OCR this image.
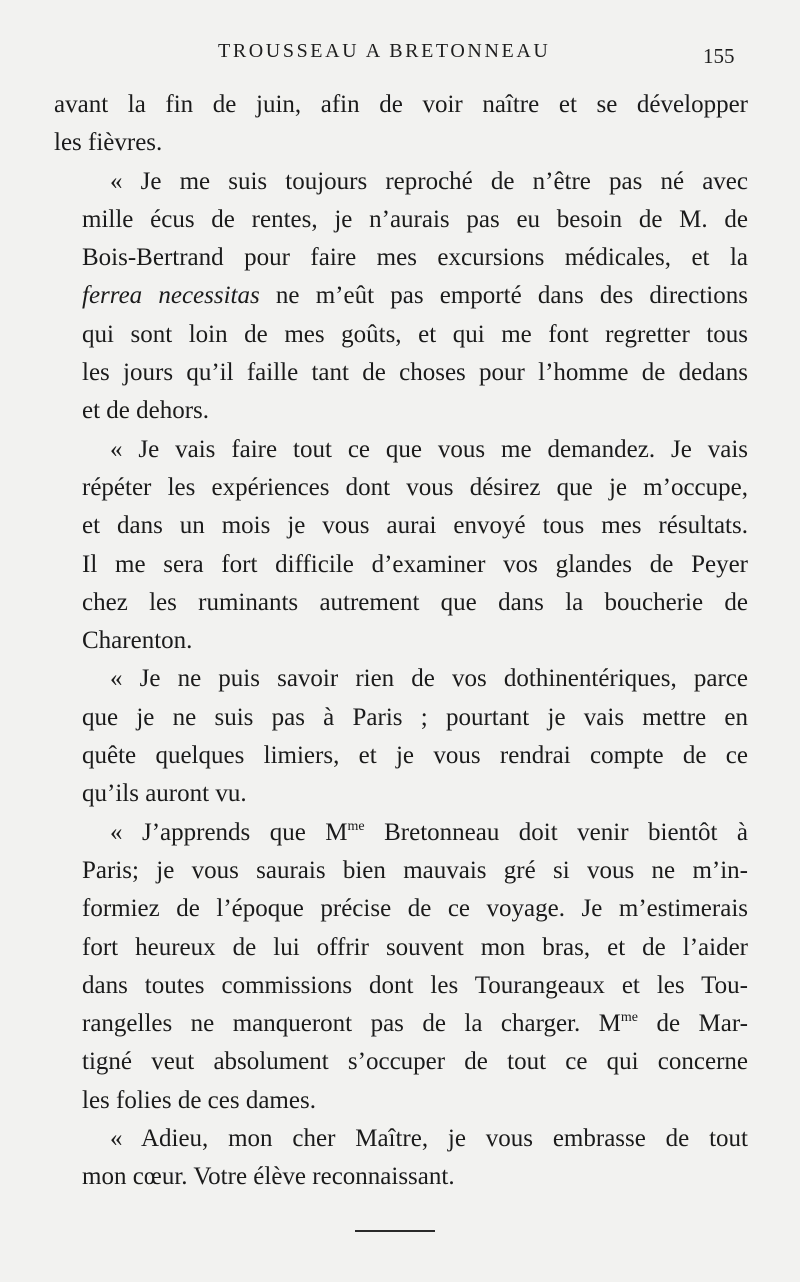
TROUSSEAU A BRETONNEAU	155
avant la fin de juin, afin de voir naître et se développer
les fièvres.
« Je me suis toujours reproché de n’être pas né avec
mille écus de rentes, je n’aurais pas eu besoin de M. de
Bois-Bertrand pour faire mes excursions médicales, et la
ferrea necessitas ne m’eût pas emporté dans des directions
qui sont loin de mes goûts, et qui me font regretter tous
les jours qu’il faille tant de choses pour l’homme de dedans
et de dehors.
« Je vais faire tout ce que vous me demandez. Je vais
répéter les expériences dont vous désirez que je m’occupe,
et dans un mois je vous aurai envoyé tous mes résultats.
Il me sera fort difficile d’examiner vos glandes de Peyer
chez les ruminants autrement que dans la boucherie de
Charenton.
« Je ne puis savoir rien de vos dothinentériques, parce
que je ne suis pas à Paris ; pourtant je vais mettre en
quête quelques limiers, et je vous rendrai compte de ce
qu’ils auront vu.
« J’apprends que $M^{me}$ Bretonneau doit venir bientôt à
Paris; je vous saurais bien mauvais gré si vous ne m’in-
formiez de l’époque précise de ce voyage. Je m’estimerais
fort heureux de lui offrir souvent mon bras, et de l’aider
dans toutes commissions dont les Tourangeaux et les Tou-
rangelles ne manqueront pas de la charger. $M^{me}$ de Mar-
tigné veut absolument s’occuper de tout ce qui concerne
les folies de ces dames.
« Adieu, mon cher Maître, je vous embrasse de tout
mon cœur. Votre élève reconnaissant.
